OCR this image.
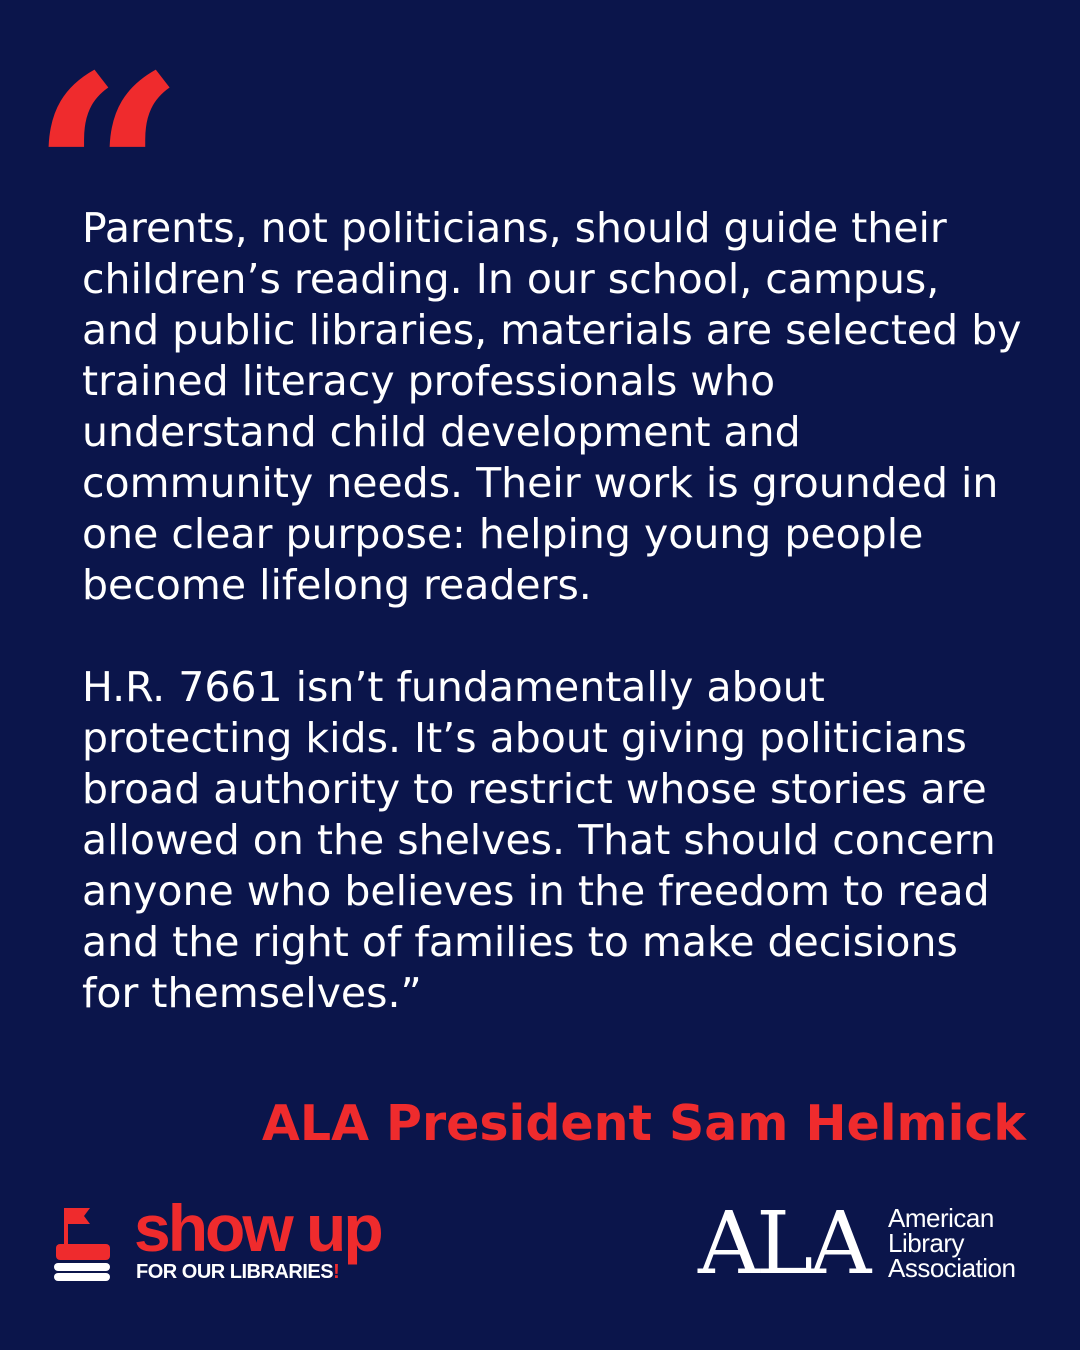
“

Parents, not politicians, should guide their children’s reading. In our school, campus, and public libraries, materials are selected by trained literacy professionals who understand child development and community needs. Their work is grounded in one clear purpose: helping young people become lifelong readers.

H.R. 7661 isn’t fundamentally about protecting kids. It’s about giving politicians broad authority to restrict whose stories are allowed on the shelves. That should concern anyone who believes in the freedom to read and the right of families to make decisions for themselves.”

ALA President Sam Helmick
show up
FOR OUR LIBRARIES!	ALA American
Library
Association
